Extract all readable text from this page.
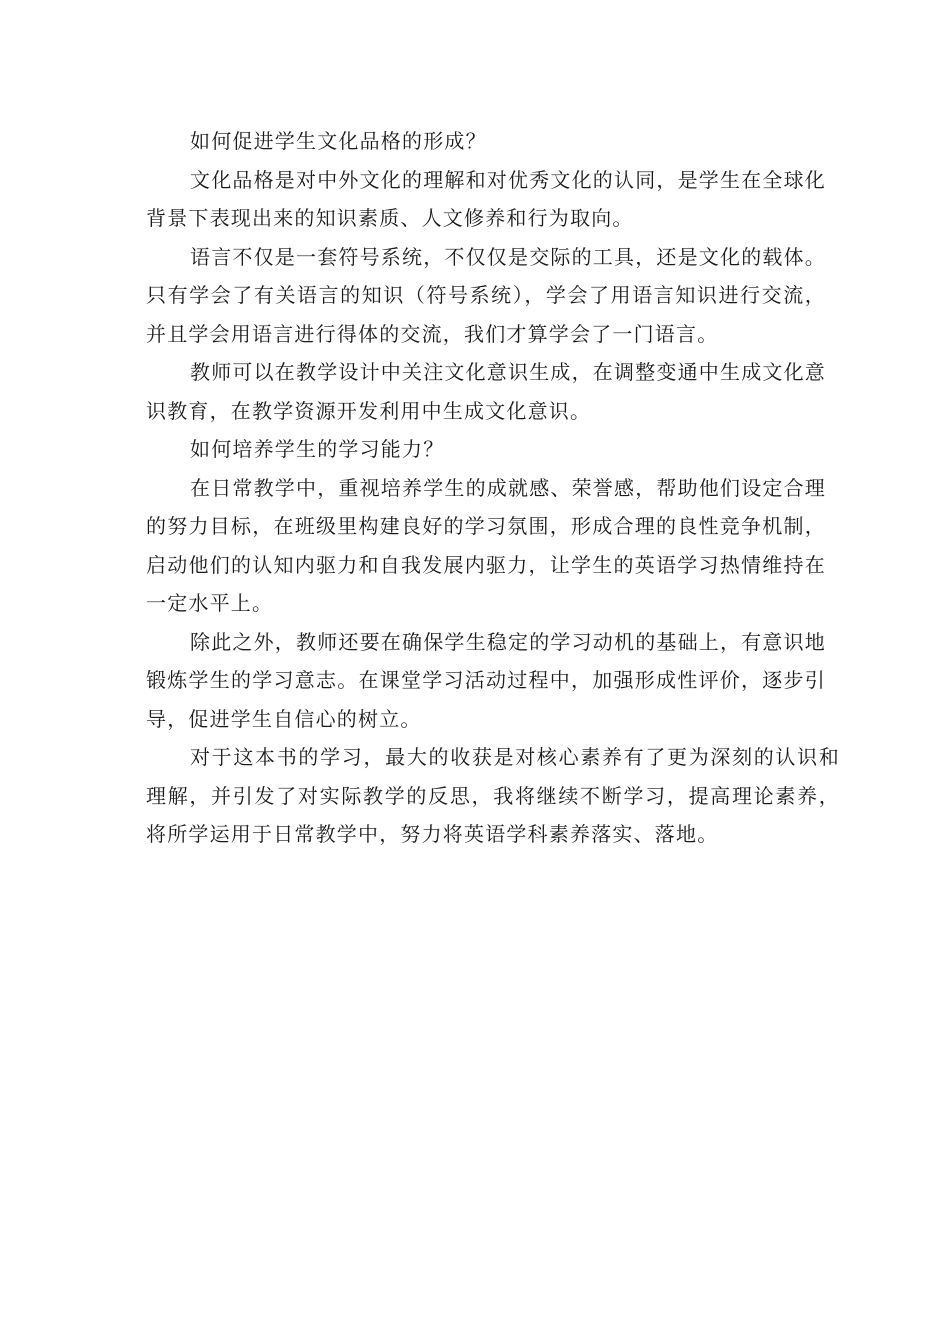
如何促进学生文化品格的形成？

文化品格是对中外文化的理解和对优秀文化的认同，是学生在全球化背景下表现出来的知识素质、人文修养和行为取向。

语言不仅是一套符号系统，不仅仅是交际的工具，还是文化的载体。只有学会了有关语言的知识（符号系统），学会了用语言知识进行交流，并且学会用语言进行得体的交流，我们才算学会了一门语言。

教师可以在教学设计中关注文化意识生成，在调整变通中生成文化意识教育，在教学资源开发利用中生成文化意识。

如何培养学生的学习能力？

在日常教学中，重视培养学生的成就感、荣誉感，帮助他们设定合理的努力目标，在班级里构建良好的学习氛围，形成合理的良性竞争机制，启动他们的认知内驱力和自我发展内驱力，让学生的英语学习热情维持在一定水平上。

除此之外，教师还要在确保学生稳定的学习动机的基础上，有意识地锻炼学生的学习意志。在课堂学习活动过程中，加强形成性评价，逐步引导，促进学生自信心的树立。

对于这本书的学习，最大的收获是对核心素养有了更为深刻的认识和理解，并引发了对实际教学的反思，我将继续不断学习，提高理论素养，将所学运用于日常教学中，努力将英语学科素养落实、落地。
